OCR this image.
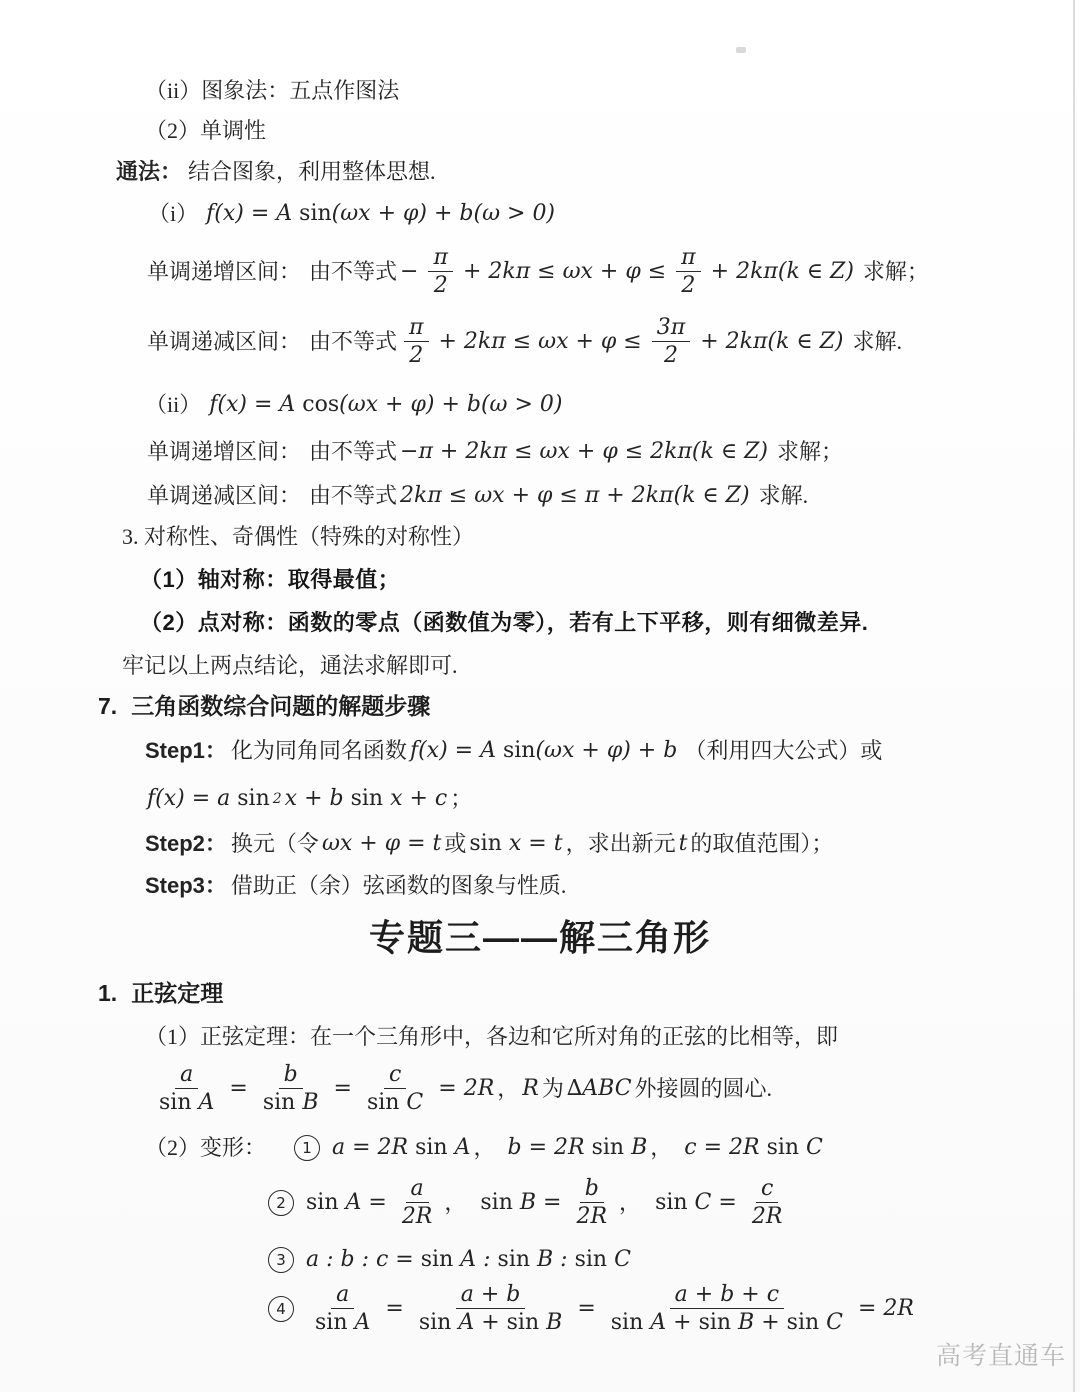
（ii）图象法：五点作图法
（2）单调性
通法： 结合图象，利用整体思想.
（i） f(x) = A sin(ωx + φ) + b(ω > 0)
单调递增区间： 由不等式 − $\frac{\pi}{2} + 2k\pi \le \omega x + \varphi \le \frac{\pi}{2} + 2k\pi(k$ ∈ Z) 求解；
单调递减区间： 由不等式 $\frac{\pi}{2} + 2k\pi \le \omega x + \varphi \le \frac{3\pi}{2} + 2k\pi(k$ ∈ Z) 求解.
（ii） f(x) = A cos(ωx + φ) + b(ω > 0)
单调递增区间： 由不等式 −π + 2kπ ≤ ωx + φ ≤ 2kπ(k ∈ Z) 求解；
单调递减区间： 由不等式 2kπ ≤ ωx + φ ≤ π + 2kπ(k ∈ Z) 求解.
3. 对称性、奇偶性（特殊的对称性）
（1）轴对称：取得最值；
（2）点对称：函数的零点（函数值为零），若有上下平移，则有细微差异.
牢记以上两点结论，通法求解即可.
7. 三角函数综合问题的解题步骤
Step1： 化为同角同名函数 f(x) = A sin(ωx + φ) + b （利用四大公式）或
f(x) = a sin 2 x + b sin x + c ；
Step2： 换元（令 ωx + φ = t 或 sin x = t ，求出新元 t 的取值范围）；
Step3： 借助正（余）弦函数的图象与性质.
专题三——解三角形
1. 正弦定理
（1）正弦定理：在一个三角形中，各边和它所对角的正弦的比相等，即
$\frac{a}{\text{sin A}} = \frac{b}{\text{sin B}} = \frac{c}{\text{sin C}} = 2R$ ， R 为 ∆ABC 外接圆的圆心.
（2）变形：	1 a = 2R sin A ， b = 2R sin B ， c = 2R sin C
2 $\sin A = \frac{a}{2R}$ ， $\sin B = \frac{b}{2R}$ ， $\sin C = \frac{c}{2R}$
3 a : b : c = sin A : sin B : sin C
$4 \frac{a}{\text{sin A}} = \frac{a + b}{\text{sin A + sin B}} = \frac{a + b + c}{\text{sin A + sin B + sin C}} = 2R$
高考直通车
